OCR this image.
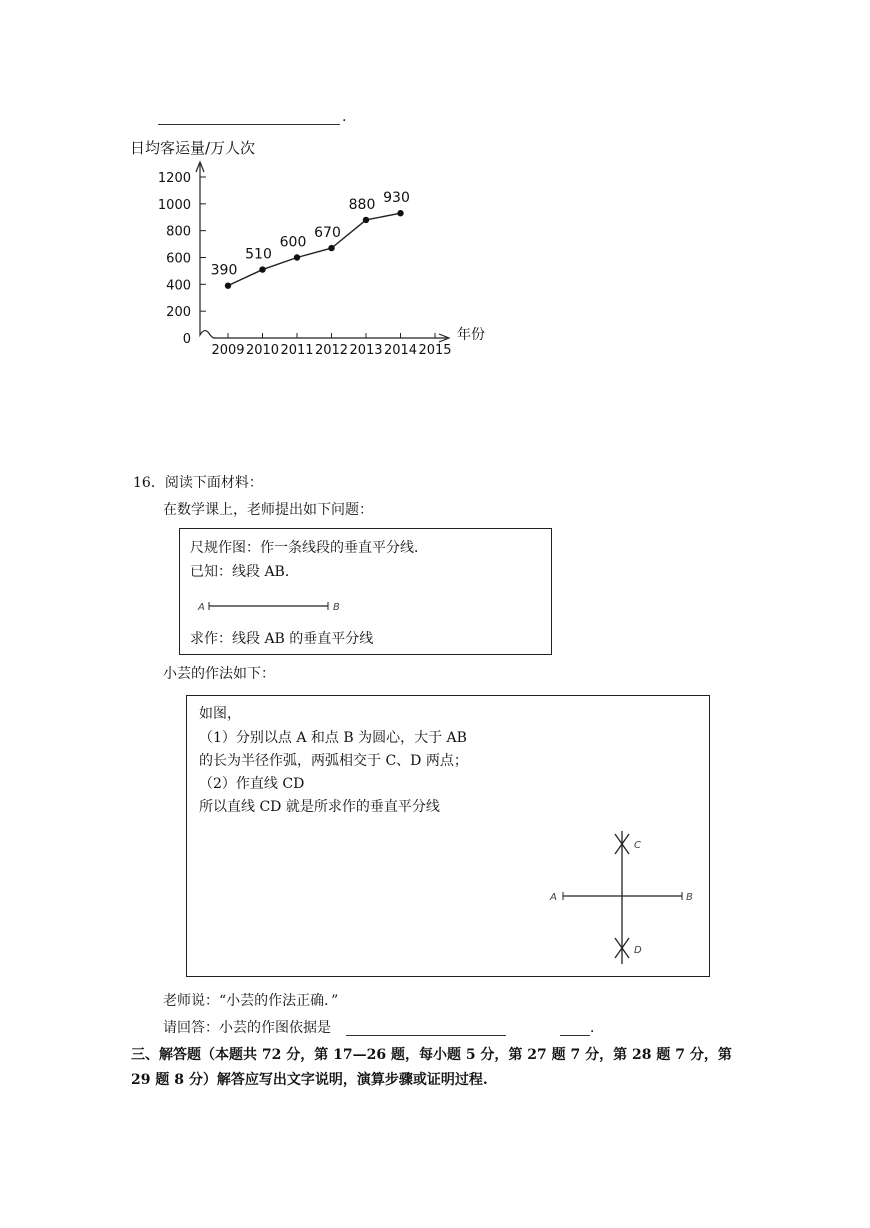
.
日均客运量/万人次
年份
0
200
400
600
800
1000
1200
2009 2010 2011 2012 2013 2014 2015
390
510
600
670
880 930
16．阅读下面材料：
在数学课上，老师提出如下问题：
尺规作图：作一条线段的垂直平分线．
已知：线段 AB．
A	B
求作：线段 AB 的垂直平分线
小芸的作法如下：
如图，
（1）分别以点 A 和点 B 为圆心，大于 AB
的长为半径作弧，两弧相交于 C、D 两点；
（2）作直线 CD
所以直线 CD 就是所求作的垂直平分线
A	B
C
D
老师说：“小芸的作法正确．”
请回答：小芸的作图依据是	．
三、解答题（本题共 72 分，第 17—26 题，每小题 5 分，第 27 题 7 分，第 28 题 7 分，第
29 题 8 分）解答应写出文字说明，演算步骤或证明过程.
